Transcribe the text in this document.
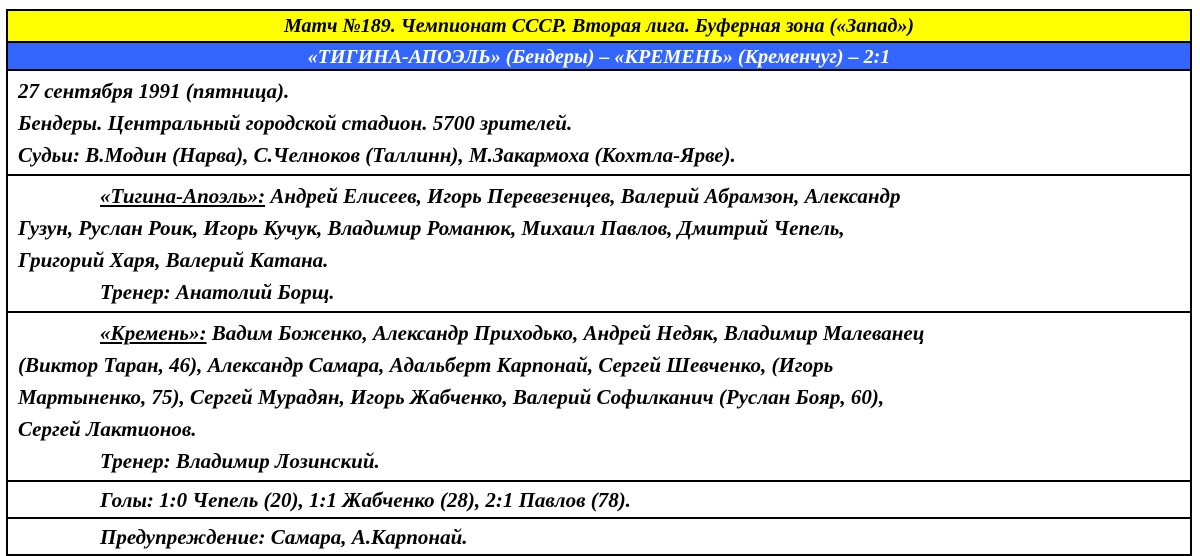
Матч №189. Чемпионат СССР. Вторая лига. Буферная зона («Запад»)
«ТИГИНА-АПОЭЛЬ» (Бендеры) – «КРЕМЕНЬ» (Кременчуг) – 2:1
27 сентября 1991 (пятница).
Бендеры. Центральный городской стадион. 5700 зрителей.
Судьи: В.Модин (Нарва), С.Челноков (Таллинн), М.Закармоха (Кохтла-Ярве).
«Тигина-Апоэль»: Андрей Елисеев, Игорь Перевезенцев, Валерий Абрамзон, Александр
Гузун, Руслан Роик, Игорь Кучук, Владимир Романюк, Михаил Павлов, Дмитрий Чепель,
Григорий Харя, Валерий Катана.
Тренер: Анатолий Борщ.
«Кремень»: Вадим Боженко, Александр Приходько, Андрей Недяк, Владимир Малеванец
(Виктор Таран, 46), Александр Самара, Адальберт Карпонай, Сергей Шевченко, (Игорь
Мартыненко, 75), Сергей Мурадян, Игорь Жабченко, Валерий Софилканич (Руслан Бояр, 60),
Сергей Лактионов.
Тренер: Владимир Лозинский.
Голы: 1:0 Чепель (20), 1:1 Жабченко (28), 2:1 Павлов (78).
Предупреждение: Самара, А.Карпонай.
